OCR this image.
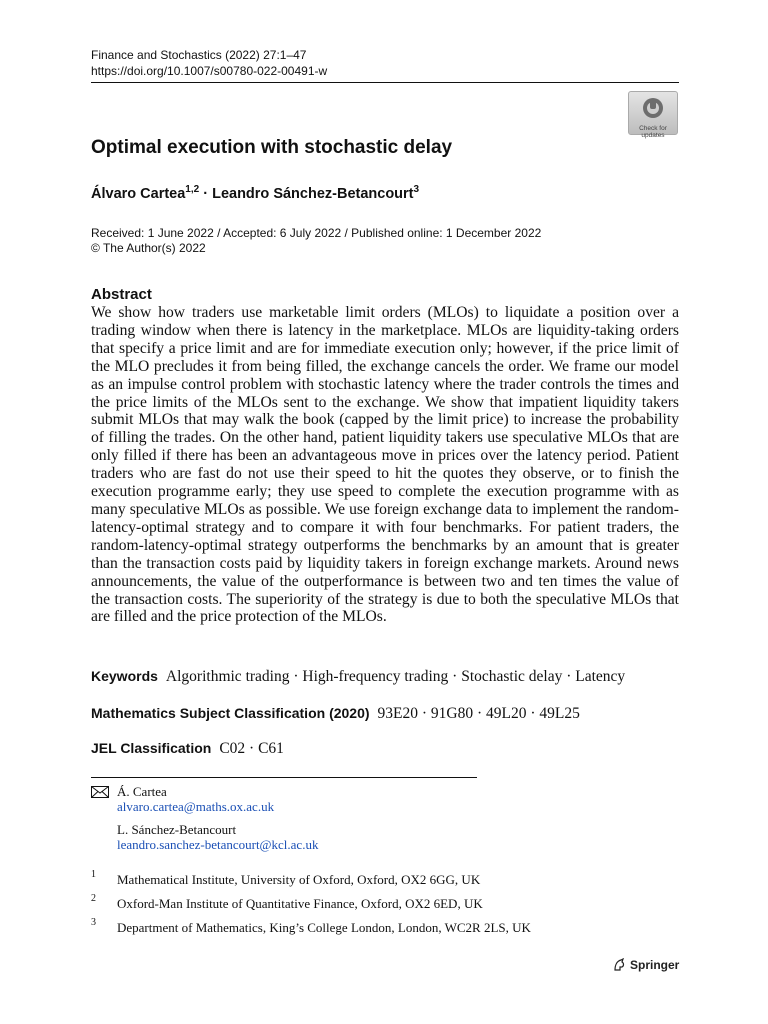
Finance and Stochastics (2022) 27:1–47
https://doi.org/10.1007/s00780-022-00491-w
Check for
updates
Optimal execution with stochastic delay
Álvaro Cartea$^{1,2}$ · Leandro Sánchez-Betancourt$^3$
Received: 1 June 2022 / Accepted: 6 July 2022 / Published online: 1 December 2022
© The Author(s) 2022
Abstract
We show how traders use marketable limit orders (MLOs) to liquidate a position over a trading window when there is latency in the marketplace. MLOs are liquidity-taking orders that specify a price limit and are for immediate execution only; however, if the price limit of the MLO precludes it from being filled, the exchange cancels the order. We frame our model as an impulse control problem with stochastic latency where the trader controls the times and the price limits of the MLOs sent to the exchange. We show that impatient liquidity takers submit MLOs that may walk the book (capped by the limit price) to increase the probability of filling the trades. On the other hand, patient liquidity takers use speculative MLOs that are only filled if there has been an advantageous move in prices over the latency period. Patient traders who are fast do not use their speed to hit the quotes they observe, or to finish the execution programme early; they use speed to complete the execution programme with as many speculative MLOs as possible. We use foreign exchange data to implement the random-latency-optimal strategy and to compare it with four benchmarks. For patient traders, the random-latency-optimal strategy outperforms the benchmarks by an amount that is greater than the transaction costs paid by liquidity takers in foreign exchange markets. Around news announcements, the value of the outperformance is between two and ten times the value of the transaction costs. The superiority of the strategy is due to both the speculative MLOs that are filled and the price protection of the MLOs.
Keywords Algorithmic trading · High-frequency trading · Stochastic delay · Latency
Mathematics Subject Classification (2020) 93E20 · 91G80 · 49L20 · 49L25
JEL Classification C02 · C61
Á. Cartea
alvaro.cartea@maths.ox.ac.uk
L. Sánchez-Betancourt
leandro.sanchez-betancourt@kcl.ac.uk
1 Mathematical Institute, University of Oxford, Oxford, OX2 6GG, UK
2 Oxford-Man Institute of Quantitative Finance, Oxford, OX2 6ED, UK
3 Department of Mathematics, King’s College London, London, WC2R 2LS, UK
Springer
